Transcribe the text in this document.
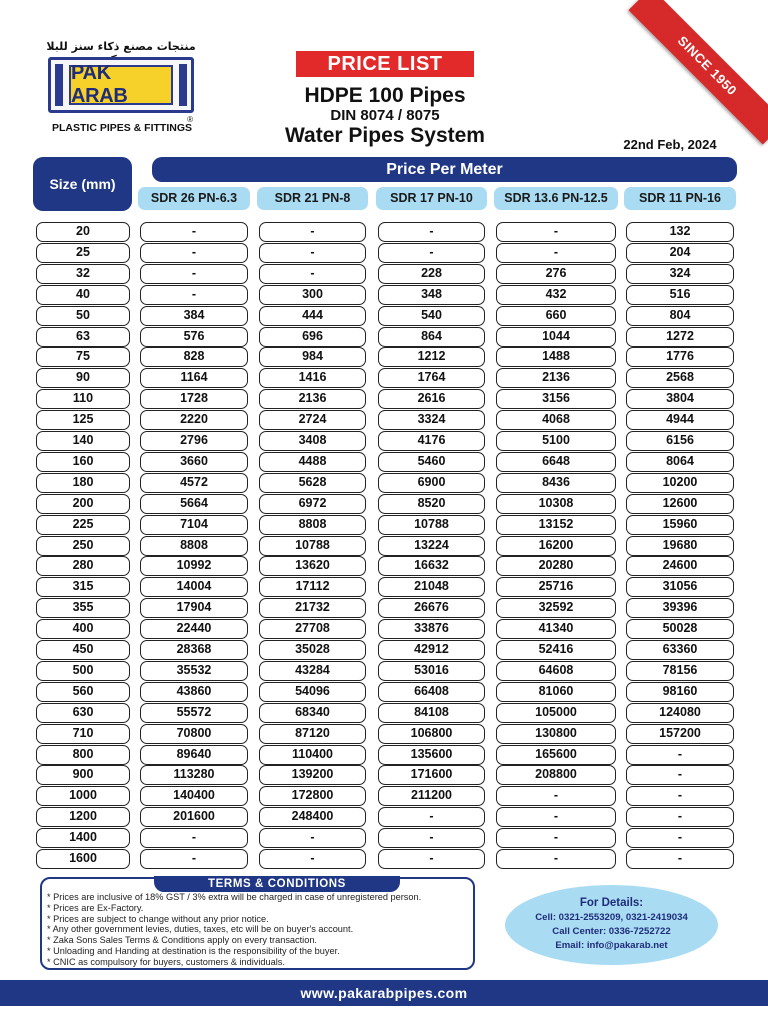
منتجات مصنع ذکاء سنز للبلا
PAK ARAB
®
PLASTIC PIPES & FITTINGS
PRICE LIST
HDPE 100 Pipes
DIN 8074 / 8075
Water Pipes System	22nd Feb, 2024
SINCE 1950
Size (mm)
Price Per Meter
SDR 26 PN-6.3	SDR 21 PN-8	SDR 17 PN-10	SDR 13.6 PN-12.5	SDR 11 PN-16
20	-	-	-	-	132
25	-	-	-	-	204
32	-	-	228	276	324
40	-	300	348	432	516
50	384	444	540	660	804
63	576	696	864	1044	1272
75	828	984	1212	1488	1776
90	1164	1416	1764	2136	2568
110	1728	2136	2616	3156	3804
125	2220	2724	3324	4068	4944
140	2796	3408	4176	5100	6156
160	3660	4488	5460	6648	8064
180	4572	5628	6900	8436	10200
200	5664	6972	8520	10308	12600
225	7104	8808	10788	13152	15960
250	8808	10788	13224	16200	19680
280	10992	13620	16632	20280	24600
315	14004	17112	21048	25716	31056
355	17904	21732	26676	32592	39396
400	22440	27708	33876	41340	50028
450	28368	35028	42912	52416	63360
500	35532	43284	53016	64608	78156
560	43860	54096	66408	81060	98160
630	55572	68340	84108	105000	124080
710	70800	87120	106800	130800	157200
800	89640	110400	135600	165600	-
900	113280	139200	171600	208800	-
1000	140400	172800	211200	-	-
1200	201600	248400	-	-	-
1400	-	-	-	-	-
1600	-	-	-	-	-
TERMS & CONDITIONS
* Prices are inclusive of 18% GST / 3% extra will be charged in case of unregistered person.
* Prices are Ex-Factory.
* Prices are subject to change without any prior notice.
* Any other government levies, duties, taxes, etc will be on buyer's account.
* Zaka Sons Sales Terms & Conditions apply on every transaction.
* Unloading and Handing at destination is the responsibility of the buyer.
* CNIC as compulsory for buyers, customers & individuals.
For Details:
Cell: 0321-2553209, 0321-2419034
Call Center: 0336-7252722
Email: info@pakarab.net
www.pakarabpipes.com
